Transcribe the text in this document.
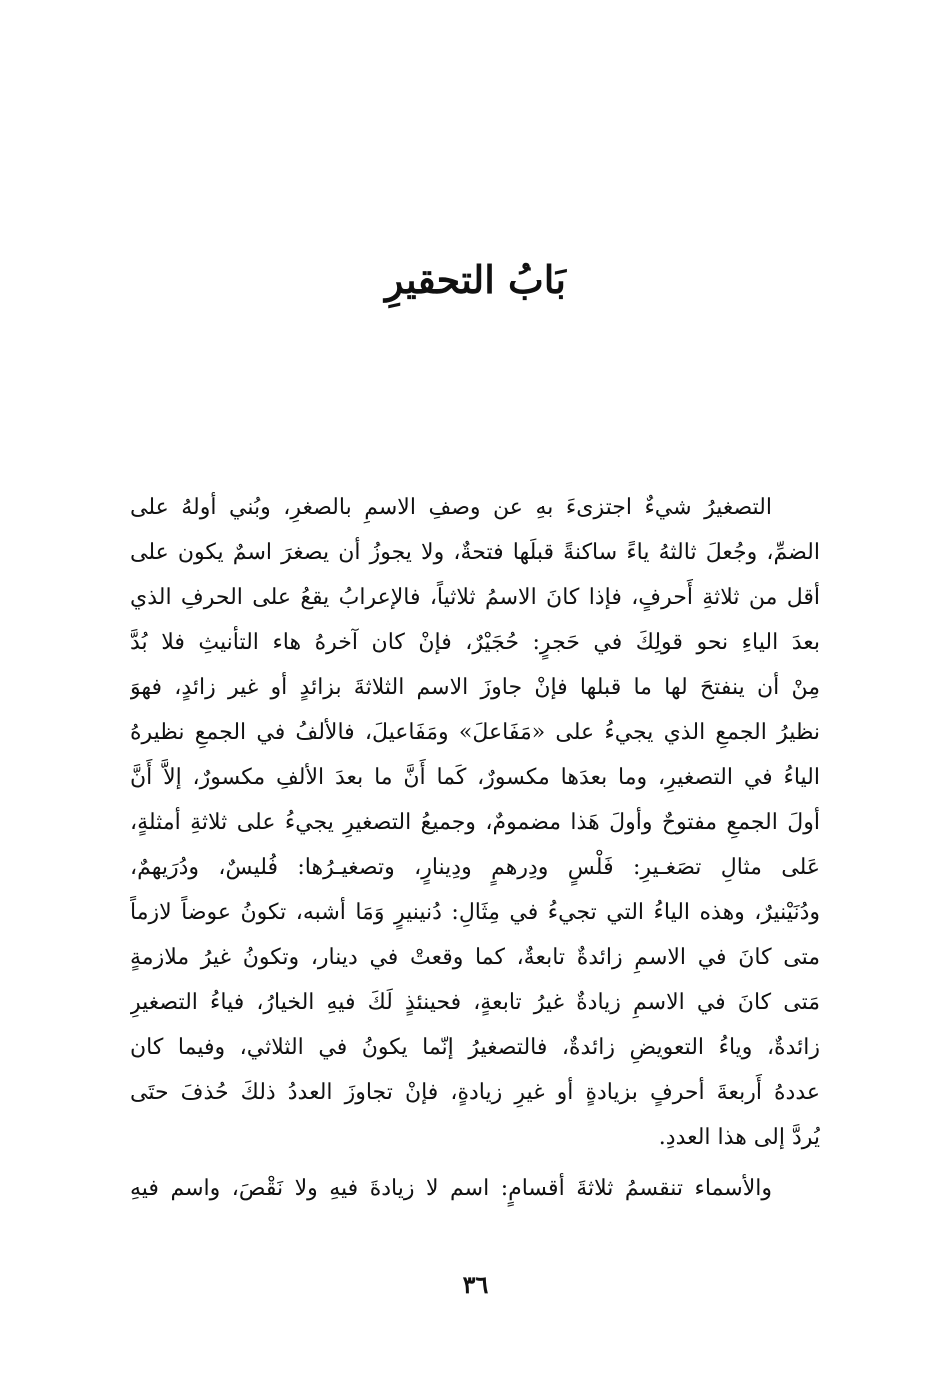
بَابُ التحقيرِ
التصغيرُ شيءٌ اجتزىءَ بهِ عن وصفِ الاسمِ بالصغرِ، وبُني أولهُ على
الضمِّ، وجُعلَ ثالثهُ ياءً ساكنةً قبلَها فتحةٌ، ولا يجوزُ أن يصغرَ اسمٌ يكون على
أقل من ثلاثةِ أَحرفٍ، فإذا كانَ الاسمُ ثلاثياً، فالإعرابُ يقعُ على الحرفِ الذي
بعدَ الياءِ نحو قولِكَ في حَجرٍ: حُجَيْرٌ، فإنْ كان آخرهُ هاء التأنيثِ فلا بُدَّ
مِنْ أن ينفتحَ لها ما قبلها فإنْ جاوزَ الاسم الثلاثةَ بزائدٍ أو غير زائدٍ، فهوَ
نظيرُ الجمعِ الذي يجيءُ على «مَفَاعلَ» ومَفَاعيلَ، فالألفُ في الجمعِ نظيرهُ
الياءُ في التصغيرِ، وما بعدَها مكسورٌ، كَما أَنَّ ما بعدَ الألفِ مكسورٌ، إلاَّ أَنَّ
أولَ الجمعِ مفتوحٌ وأولَ هَذا مضمومٌ، وجميعُ التصغيرِ يجيءُ على ثلاثةِ أمثلةٍ،
عَلى مثالِ تصَغـيرِ: فَلْسٍ ودِرهمٍ ودِينارٍ، وتصغيـرُها: فُليسٌ، ودُرَيهمٌ،
ودُنَيْنيرٌ، وهذه الياءُ التي تجيءُ في مِثَالِ: دُنينيرٍ وَمَا أشبه، تكونُ عوضاً لازماً
متى كانَ في الاسمِ زائدةٌ تابعةٌ، كما وقعتْ في دينار، وتكونُ غيرُ ملازمةٍ
مَتى كانَ في الاسمِ زيادةٌ غيرُ تابعةٍ، فحينئذٍ لَكَ فيهِ الخيارُ، فياءُ التصغيرِ
زائدةٌ، وياءُ التعويضِ زائدةٌ، فالتصغيرُ إنّما يكونُ في الثلاثي، وفيما كان
عددهُ أَربعةَ أحرفٍ بزيادةٍ أو غيرِ زيادةٍ، فإنْ تجاوزَ العددُ ذلكَ حُذفَ حتَى
يُردَّ إلى هذا العددِ.
والأسماء تنقسمُ ثلاثةَ أقسامٍ: اسم لا زيادةَ فيهِ ولا نَقْصَ، واسم فيهِ
٣٦
